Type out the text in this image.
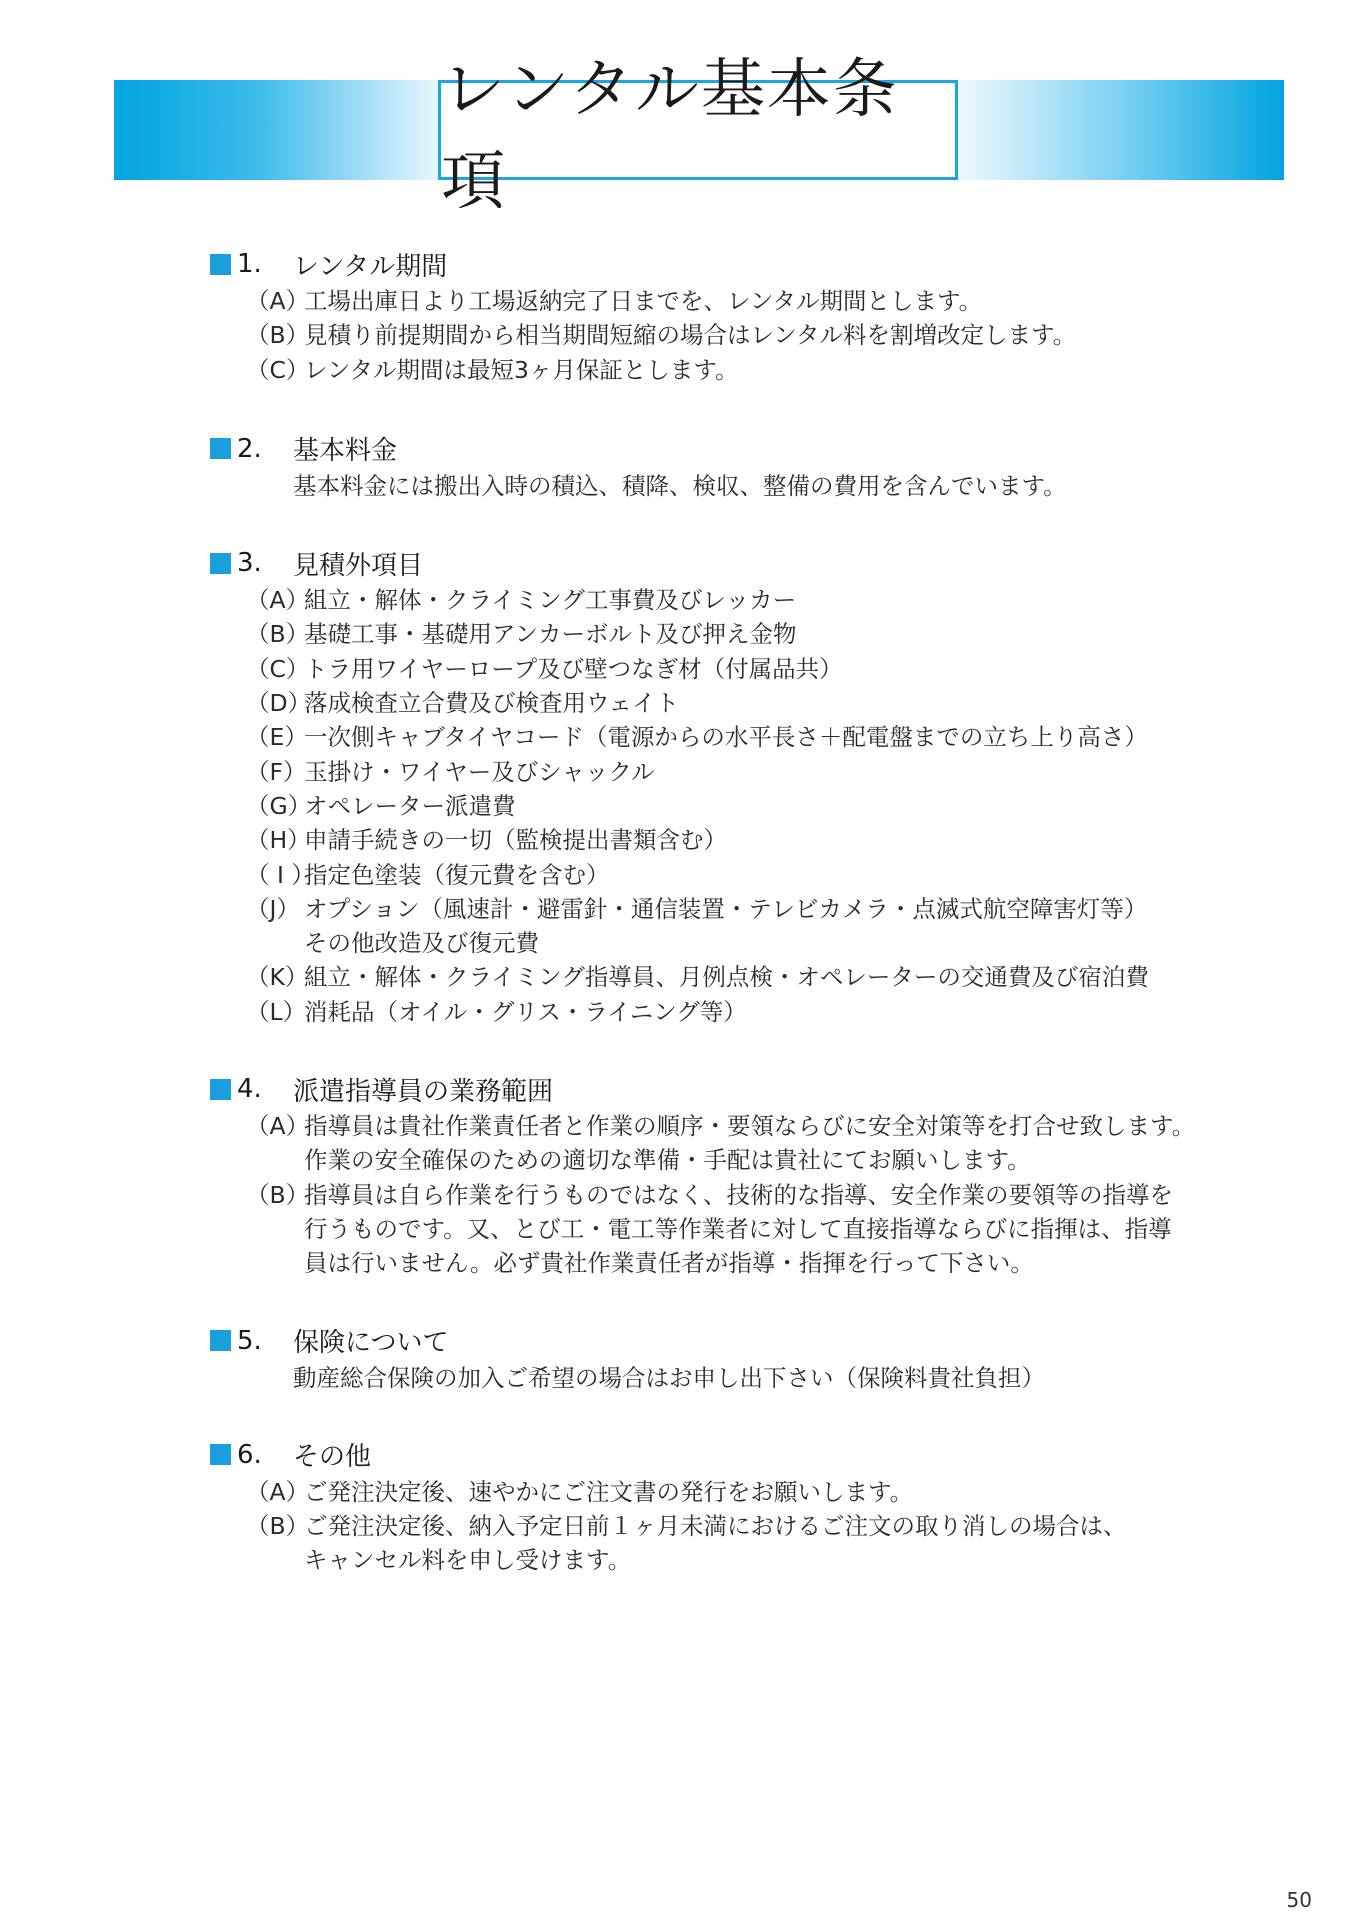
レンタル基本条項
1.	レンタル期間
（A）
工場出庫日より工場返納完了日までを、レンタル期間とします。
（B）
見積り前提期間から相当期間短縮の場合はレンタル料を割増改定します。
（C）
レンタル期間は最短3ヶ月保証とします。
2.	基本料金
基本料金には搬出入時の積込、積降、検収、整備の費用を含んでいます。
3.	見積外項目
（A）
組立・解体・クライミング工事費及びレッカー
（B）
基礎工事・基礎用アンカーボルト及び押え金物
（C）
トラ用ワイヤーロープ及び壁つなぎ材（付属品共）
（D）
落成検査立合費及び検査用ウェイト
（E）
一次側キャブタイヤコード（電源からの水平長さ＋配電盤までの立ち上り高さ）
（F）
玉掛け・ワイヤー及びシャックル
（G）
オペレーター派遣費
（H）
申請手続きの一切（監検提出書類含む）
（ I ）
指定色塗装（復元費を含む）
（J） オプション（風速計・避雷針・通信装置・テレビカメラ・点滅式航空障害灯等）
その他改造及び復元費
（K）
組立・解体・クライミング指導員、月例点検・オペレーターの交通費及び宿泊費
（L）
消耗品（オイル・グリス・ライニング等）
4.	派遣指導員の業務範囲
（A）
指導員は貴社作業責任者と作業の順序・要領ならびに安全対策等を打合せ致します。
作業の安全確保のための適切な準備・手配は貴社にてお願いします。
（B）
指導員は自ら作業を行うものではなく、技術的な指導、安全作業の要領等の指導を
行うものです。又、とび工・電工等作業者に対して直接指導ならびに指揮は、指導
員は行いません。必ず貴社作業責任者が指導・指揮を行って下さい。
5.	保険について
動産総合保険の加入ご希望の場合はお申し出下さい（保険料貴社負担）
6.	その他
（A）
ご発注決定後、速やかにご注文書の発行をお願いします。
（B）
ご発注決定後、納入予定日前１ヶ月未満におけるご注文の取り消しの場合は、
キャンセル料を申し受けます。
50
